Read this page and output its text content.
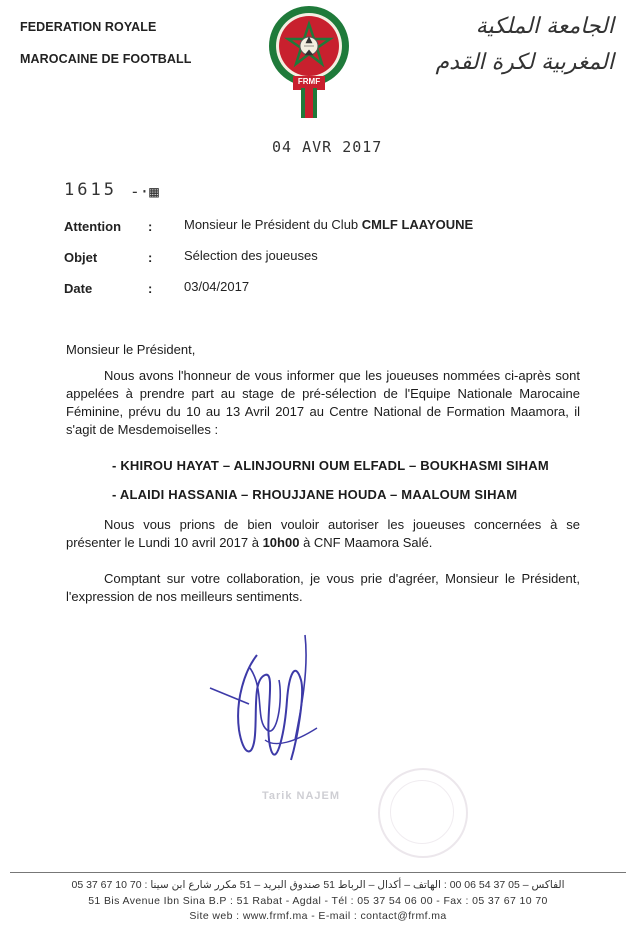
FEDERATION ROYALE
MAROCAINE DE FOOTBALL
FRMF
الجامعة الملكية
المغربية لكرة القدم
04 AVR 2017
1615 -·▦
Attention : Monsieur le Président du Club CMLF LAAYOUNE
Objet	: Sélection des joueuses
Date	: 03/04/2017
Monsieur le Président,
Nous avons l'honneur de vous informer que les joueuses nommées ci-après sont appelées à prendre part au stage de pré-sélection de l'Equipe Nationale Marocaine Féminine, prévu du 10 au 13 Avril 2017 au Centre National de Formation Maamora, il s'agit de Mesdemoiselles :
- KHIROU HAYAT – ALINJOURNI OUM ELFADL – BOUKHASMI SIHAM
- ALAIDI HASSANIA – RHOUJJANE HOUDA – MAALOUM SIHAM
Nous vous prions de bien vouloir autoriser les joueuses concernées à se présenter le Lundi 10 avril 2017 à 10h00 à CNF Maamora Salé.
Comptant sur votre collaboration, je vous prie d'agréer, Monsieur le Président, l'expression de nos meilleurs sentiments.
Tarik NAJEM
05 37 67 10 70 : الفاكس – 05 37 54 06 00 : الهاتف – أكدال – الرباط 51 صندوق البريد – 51 مكرر شارع ابن سينا
51 Bis Avenue Ibn Sina B.P : 51 Rabat - Agdal - Tél : 05 37 54 06 00 - Fax : 05 37 67 10 70
Site web : www.frmf.ma - E-mail : contact@frmf.ma
